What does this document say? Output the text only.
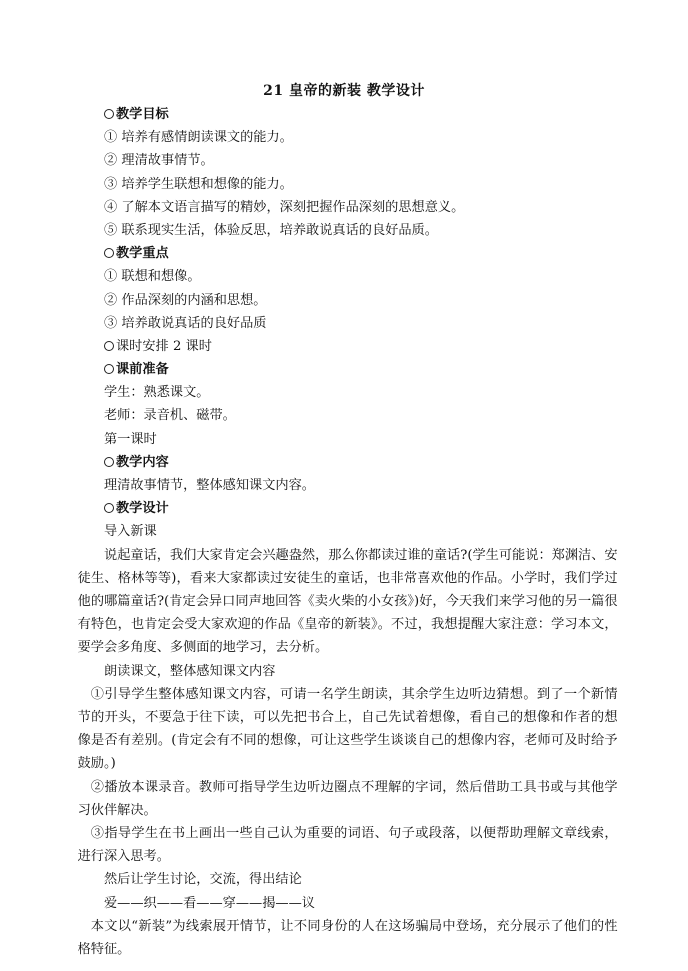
21 皇帝的新装 教学设计
教学目标
① 培养有感情朗读课文的能力。
② 理清故事情节。
③ 培养学生联想和想像的能力。
④ 了解本文语言描写的精妙，深刻把握作品深刻的思想意义。
⑤ 联系现实生活，体验反思，培养敢说真话的良好品质。
教学重点
① 联想和想像。
② 作品深刻的内涵和思想。
③ 培养敢说真话的良好品质
课时安排 2 课时
课前准备
学生：熟悉课文。
老师：录音机、磁带。
第一课时
教学内容
理清故事情节，整体感知课文内容。
教学设计
导入新课
说起童话，我们大家肯定会兴趣盎然，那么你都读过谁的童话?(学生可能说：郑渊洁、安徒生、格林等等)，看来大家都读过安徒生的童话，也非常喜欢他的作品。小学时，我们学过他的哪篇童话?(肯定会异口同声地回答《卖火柴的小女孩》)好，今天我们来学习他的另一篇很有特色，也肯定会受大家欢迎的作品《皇帝的新装》。不过，我想提醒大家注意：学习本文，要学会多角度、多侧面的地学习，去分析。
朗读课文，整体感知课文内容
①引导学生整体感知课文内容，可请一名学生朗读，其余学生边听边猜想。到了一个新情节的开头，不要急于往下读，可以先把书合上，自己先试着想像，看自己的想像和作者的想像是否有差别。(肯定会有不同的想像，可让这些学生谈谈自己的想像内容，老师可及时给予鼓励。)
②播放本课录音。教师可指导学生边听边圈点不理解的字词，然后借助工具书或与其他学习伙伴解决。
③指导学生在书上画出一些自己认为重要的词语、句子或段落，以便帮助理解文章线索，进行深入思考。
然后让学生讨论，交流，得出结论
爱——织——看——穿——揭——议
本文以“新装”为线索展开情节，让不同身份的人在这场骗局中登场，充分展示了他们的性格特征。
